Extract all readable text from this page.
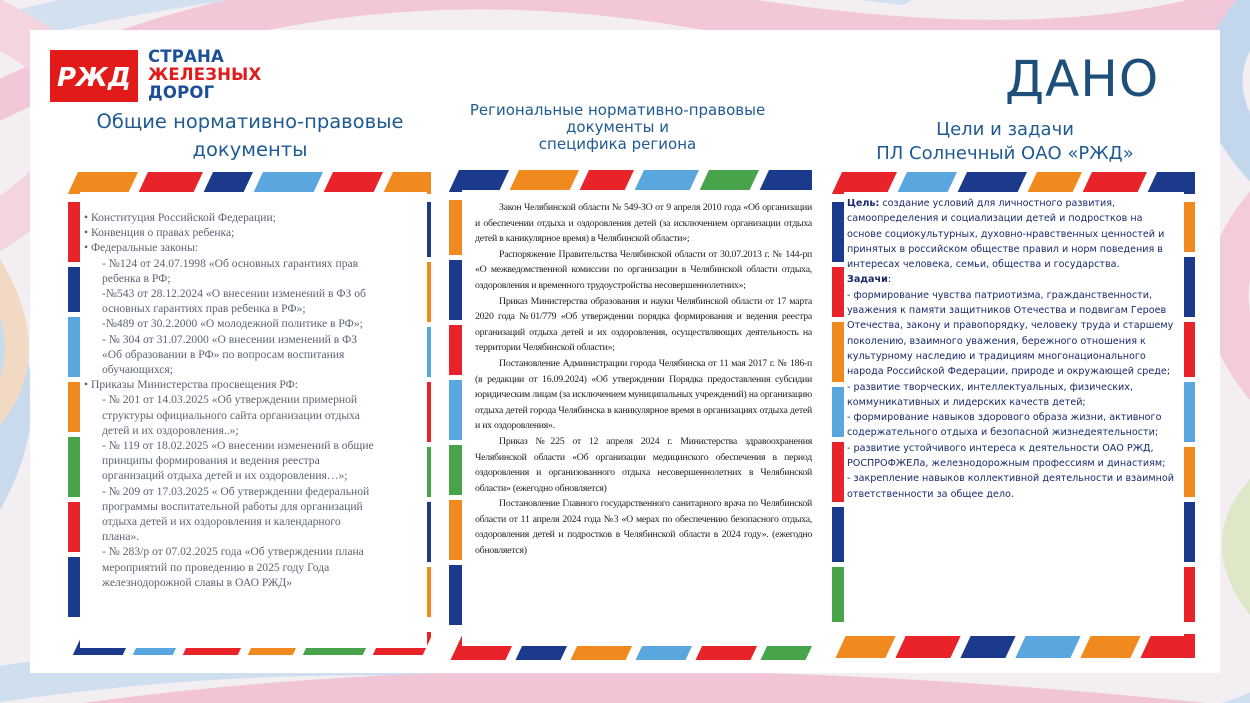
РЖД
СТРАНА
ЖЕЛЕЗНЫХ
ДОРОГ	ДАНО
Общие нормативно-правовые
документы
Региональные нормативно-правовые
документы и
специфика региона
Цели и задачи
ПЛ Солнечный ОАО «РЖД»
• Конституция Российской Федерации;
• Конвенция о правах ребенка;
• Федеральные законы:
- №124 от 24.07.1998 «Об основных гарантиях прав
ребенка в РФ;
-№543 от 28.12.2024 «О внесении изменений в ФЗ об
основных гарантиях прав ребенка в РФ»;
-№489 от 30.2.2000 «О молодежной политике в РФ»;
- № 304 от 31.07.2000 «О внесении изменений в ФЗ
«Об образовании в РФ» по вопросам воспитания
обучающихся;
• Приказы Министерства просвещения РФ:
- № 201 от 14.03.2025 «Об утверждении примерной
структуры официального сайта организации отдыха
детей и их оздоровления..»;
- № 119 от 18.02.2025 «О внесении изменений в общие
принципы формирования и ведения реестра
организаций отдыха детей и их оздоровления…»;
- № 209 от 17.03.2025 « Об утверждении федеральной
программы воспитательной работы для организаций
отдыха детей и их оздоровления и календарного
плана».
- № 283/р от 07.02.2025 года «Об утверждении плана
мероприятий по проведению в 2025 году Года
железнодорожной славы в ОАО РЖД»

Закон Челябинской области № 549-ЗО от 9 апреля 2010 года «Об организации и обеспечении отдыха и оздоровления детей (за исключением организации отдыха детей в каникулярное время) в Челябинской области»;

Распоряжение Правительства Челябинской области от 30.07.2013 г. № 144-рп «О межведомственной комиссии по организации в Челябинской области отдыха, оздоровления и временного трудоустройства несовершеннолетних»;

Приказ Министерства образования и науки Челябинской области от 17 марта 2020 года №01/779 «Об утверждении порядка формирования и ведения реестра организаций отдыха детей и их оздоровления, осуществляющих деятельность на территории Челябинской области»;

Постановление Администрации города Челябинска от 11 мая 2017 г. № 186-п (в редакции от 16.09.2024) «Об утверждении Порядка предоставления субсидии юридическим лицам (за исключением муниципальных учреждений) на организацию отдыха детей города Челябинска в каникулярное время в организациях отдыха детей и их оздоровления».

Приказ №225 от 12 апреля 2024 г. Министерства здравоохранения Челябинской области «Об организации медицинского обеспечения в период оздоровления и организованного отдыха несовершеннолетних в Челябинской области» (ежегодно обновляется)

Постановление Главного государственного санитарного врача по Челябинской области от 11 апреля 2024 года №3 «О мерах по обеспечению безопасного отдыха, оздоровления детей и подростков в Челябинской области в 2024 году». (ежегодно обновляется)

Цель: создание условий для личностного развития,
самоопределения и социализации детей и подростков на
основе социокультурных, духовно-нравственных ценностей и
принятых в российском обществе правил и норм поведения в
интересах человека, семьи, общества и государства.
Задачи:
- формирование чувства патриотизма, гражданственности,
уважения к памяти защитников Отечества и подвигам Героев
Отечества, закону и правопорядку, человеку труда и старшему
поколению, взаимного уважения, бережного отношения к
культурному наследию и традициям многонационального
народа Российской Федерации, природе и окружающей среде;
- развитие творческих, интеллектуальных, физических,
коммуникативных и лидерских качеств детей;
- формирование навыков здорового образа жизни, активного
содержательного отдыха и безопасной жизнедеятельности;
- развитие устойчивого интереса к деятельности ОАО РЖД,
РОСПРОФЖЕЛа, железнодорожным профессиям и династиям;
- закрепление навыков коллективной деятельности и взаимной
ответственности за общее дело.
